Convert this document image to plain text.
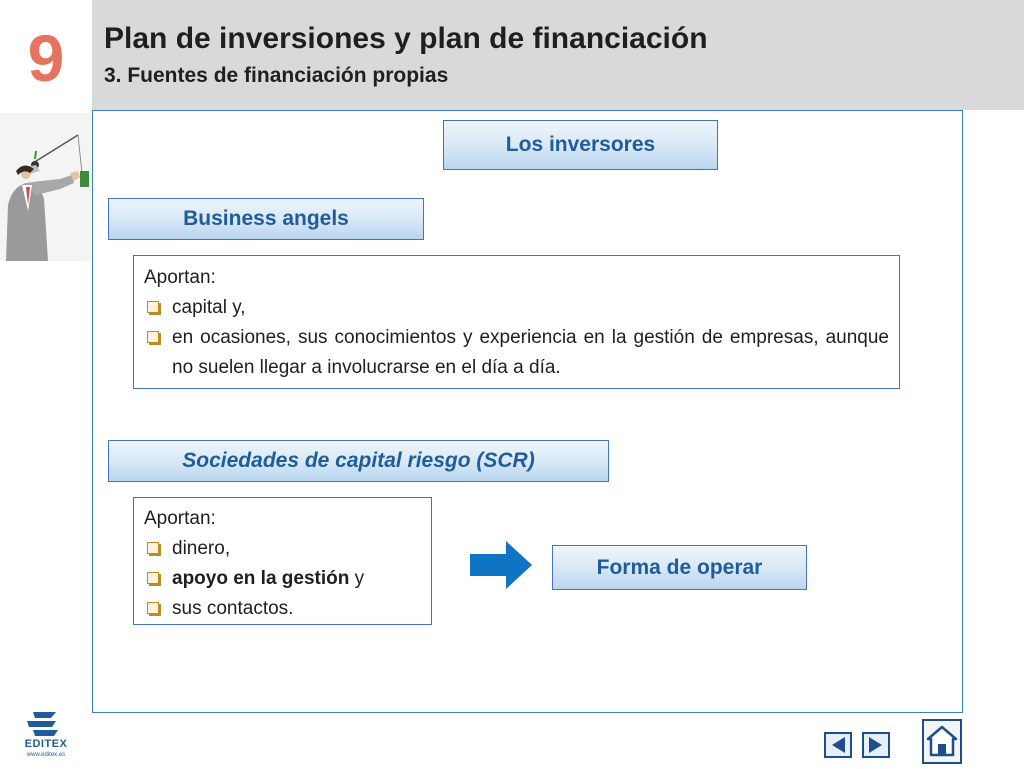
9	Plan de inversiones y plan de financiación
3. Fuentes de financiación propias
Los inversores
Business angels

Aportan:

capital y,
en ocasiones, sus conocimientos y experiencia en la gestión de empresas, aunque no suelen llegar a involucrarse en el día a día.
Sociedades de capital riesgo (SCR)

Aportan:

dinero,
apoyo en la gestión y
sus contactos.
Forma de operar
EDITEX
www.editex.es
